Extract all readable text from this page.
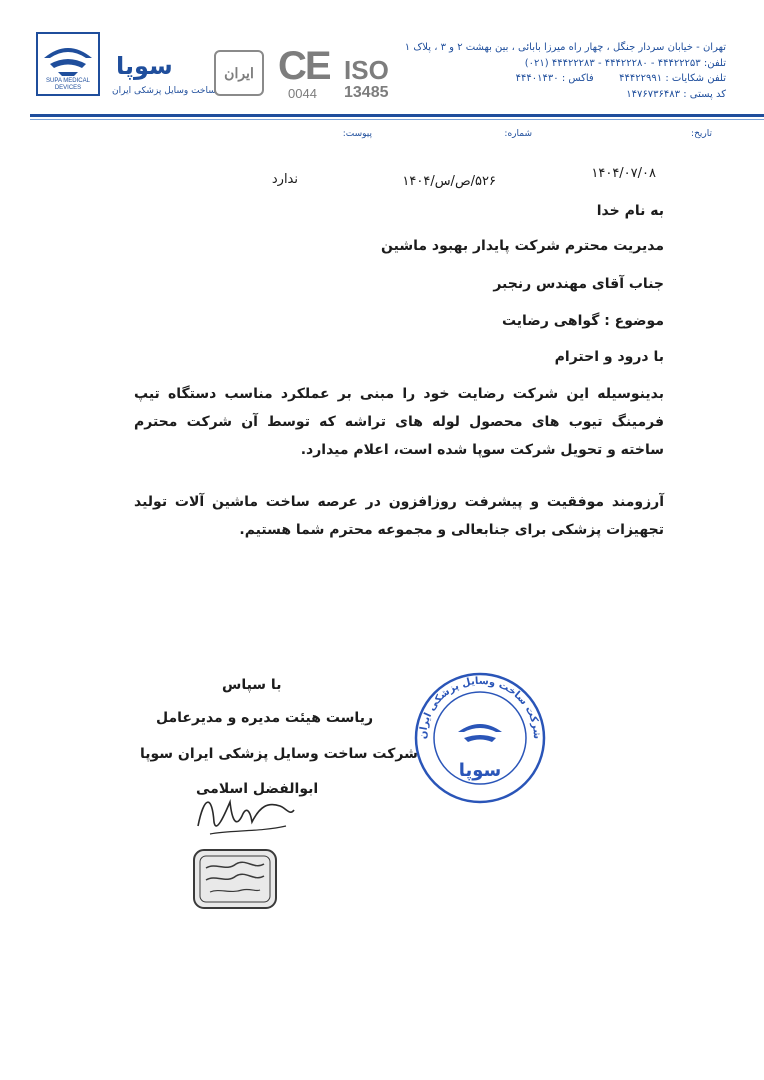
SUPA MEDICAL DEVICES
سوپا
ساخت وسایل پزشکی ایران
ایران CE
0044
ISO
13485
تهران - خیابان سردار جنگل ، چهار راه میرزا بابائی ، بین بهشت ۲ و ۳ ، پلاک ۱
تلفن: ۴۴۴۲۲۲۵۳ - ۴۴۴۲۲۲۸۰ - ۴۴۴۲۲۲۸۳ (۰۲۱)
تلفن شکایات : ۴۴۴۲۲۹۹۱        فاکس : ۴۴۴۰۱۴۳۰
کد پستی : ۱۴۷۶۷۳۶۴۸۳
تاریخ:
شماره:
پیوست:
۱۴۰۴/۰۷/۰۸
۵۲۶/ص/س/۱۴۰۴
ندارد
به نام خدا
مدیریت محترم شرکت پایدار بهبود ماشین
جناب آقای مهندس رنجبر
موضوع : گواهی رضایت
با درود و احترام
بدینوسیله این شرکت رضایت خود را مبنی بر عملکرد مناسب دستگاه تیپ فرمینگ تیوب های محصول لوله های تراشه که توسط آن شرکت محترم ساخته و تحویل شرکت سوپا شده است، اعلام میدارد.
آرزومند موفقیت و پیشرفت روزافزون در عرصه ساخت ماشین آلات تولید تجهیزات پزشکی برای جنابعالی و مجموعه محترم شما هستیم.
با سپاس
ریاست هیئت مدیره و مدیرعامل
شرکت ساخت وسایل پزشکی ایران سوپا
ابوالفضل اسلامی
شرکت ساخت وسایل پزشکی ایران
سوپا
